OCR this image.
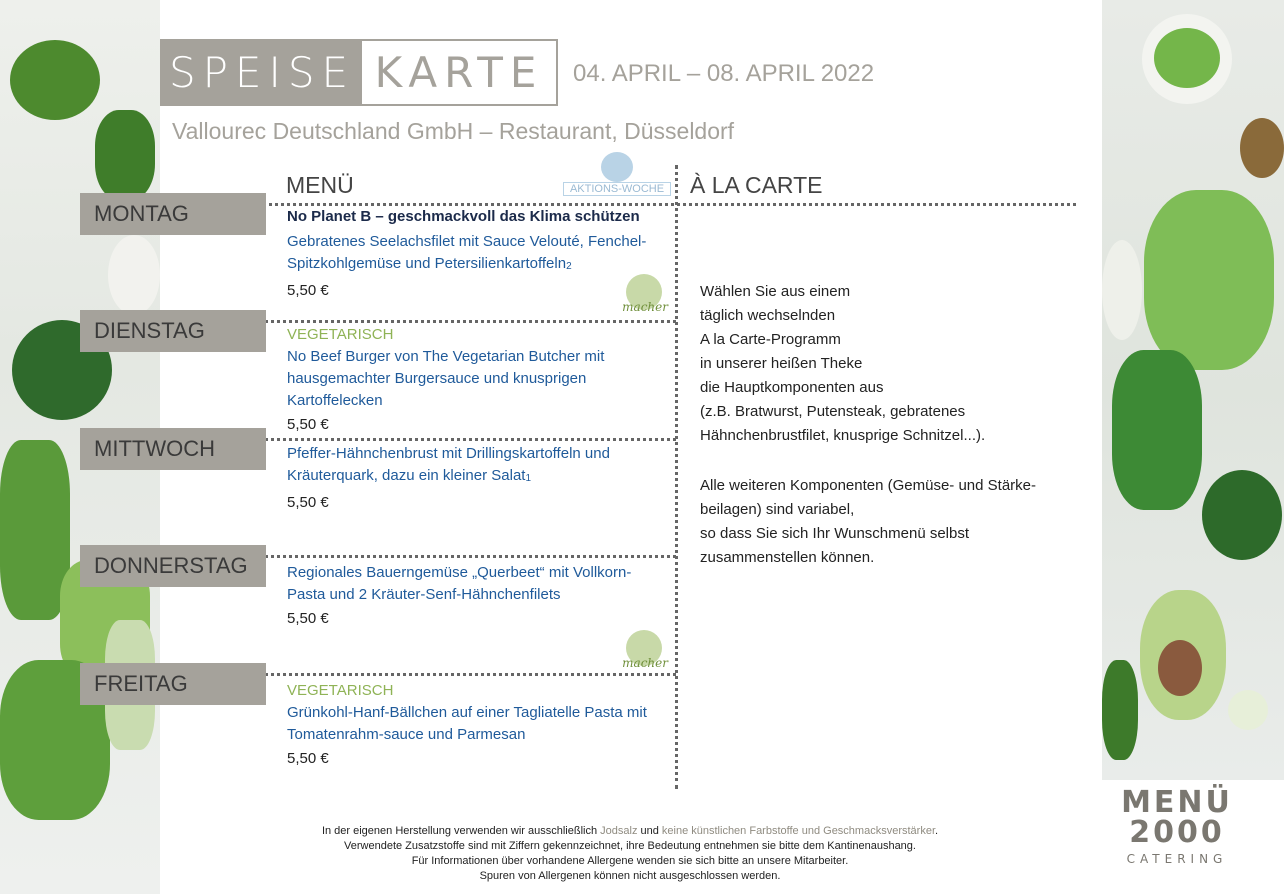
SPEISE KARTE	04. APRIL – 08. APRIL 2022
Vallourec Deutschland GmbH – Restaurant, Düsseldorf
MENÜ	À LA CARTE
AKTIONS-WOCHE
MONTAG
DIENSTAG
MITTWOCH
DONNERSTAG
FREITAG
No Planet B – geschmackvoll das Klima schützen
Gebratenes Seelachsfilet mit Sauce Velouté, Fenchel-Spitzkohlgemüse und Petersilienkartoffeln$_2$
5,50 €
VEGETARISCH
No Beef Burger von The Vegetarian Butcher mit hausgemachter Burgersauce und knusprigen Kartoffelecken
5,50 €
Pfeffer-Hähnchenbrust mit Drillingskartoffeln und Kräuterquark, dazu ein kleiner Salat$_1$
5,50 €
Regionales Bauerngemüse „Querbeet“ mit Vollkorn-Pasta und 2 Kräuter-Senf-Hähnchenfilets
5,50 €
VEGETARISCH
Grünkohl-Hanf-Bällchen auf einer Tagliatelle Pasta mit Tomatenrahm-sauce und Parmesan
5,50 €
macher
macher
Wählen Sie aus einem
täglich wechselnden
A la Carte-Programm
in unserer heißen Theke
die Hauptkomponenten aus
(z.B. Bratwurst, Putensteak, gebratenes
Hähnchenbrustfilet, knusprige Schnitzel...).
Alle weiteren Komponenten (Gemüse- und Stärke-
beilagen) sind variabel,
so dass Sie sich Ihr Wunschmenü selbst
zusammenstellen können.
In der eigenen Herstellung verwenden wir ausschließlich Jodsalz und keine künstlichen Farbstoffe und Geschmacksverstärker.
Verwendete Zusatzstoffe sind mit Ziffern gekennzeichnet, ihre Bedeutung entnehmen sie bitte dem Kantinenaushang.
Für Informationen über vorhandene Allergene wenden sie sich bitte an unsere Mitarbeiter.
Spuren von Allergenen können nicht ausgeschlossen werden.
MENÜ
2000
CATERING
